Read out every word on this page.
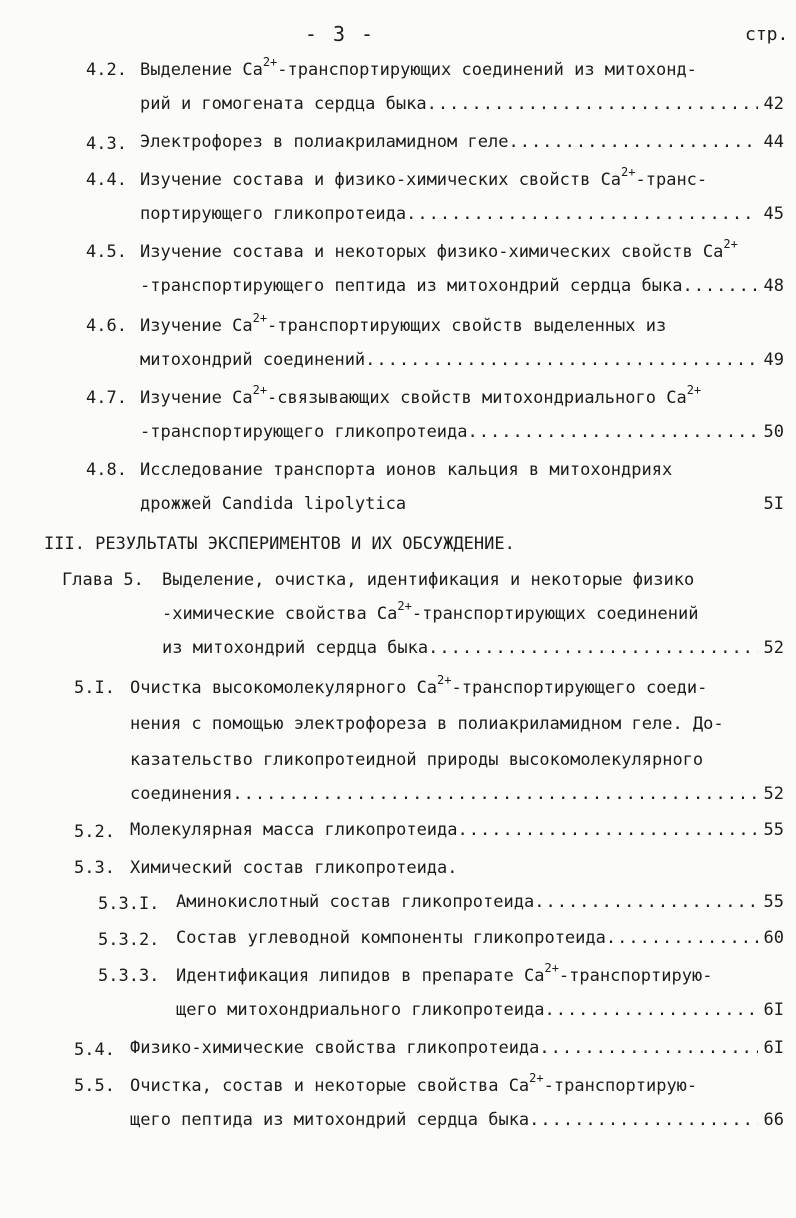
- 3 -	стр.
4.2. Выделение $Ca^{2+}$-транспортирующих соединений из митохонд-
рий и гомогената сердца быка .....	42
4.3. Электрофорез в полиакриламидном геле .....	44
4.4. Изучение состава и физико-химических свойств $Ca^{2+}-транс-$
портирующего гликопротеида .....	45
4.5. Изучение состава и некоторых физико-химических свойств $Ca^{2+}$
-транспортирующего пептида из митохондрий сердца быка .....	48
4.6. Изучение $Ca^{2+}$-транспортирующих свойств выделенных из
митохондрий соединений .....	49
4.7. Изучение $Ca^{2+}$-связывающих свойств митохондриального $Ca^{2+}$
-транспортирующего гликопротеида .....	50
4.8. Исследование транспорта ионов кальция в митохондриях
дрожжей Candida lipolytica	5I
III. РЕЗУЛЬТАТЫ ЭКСПЕРИМЕНТОВ И ИХ ОБСУЖДЕНИЕ.
Глава 5. Выделение, очистка, идентификация и некоторые физико
-химические свойства $Ca^{2+}$-транспортирующих соединений
из митохондрий сердца быка .....	52
5.I. Очистка высокомолекулярного $Ca^{2+}$-транспортирующего соеди-
нения с помощью электрофореза в полиакриламидном геле. До-
казательство гликопротеидной природы высокомолекулярного
соединения .....	52
5.2. Молекулярная масса гликопротеида .....	55
5.3. Химический состав гликопротеида.
5.3.I. Аминокислотный состав гликопротеида .....	55
5.3.2. Состав углеводной компоненты гликопротеида .....	60
5.3.3. Идентификация липидов в препарате $Ca^{2+}-транспортирую-$
щего митохондриального гликопротеида .....	6I
5.4. Физико-химические свойства гликопротеида .....	6I
5.5. Очистка, состав и некоторые свойства $Ca^{2+}-транспортирую-$
щего пептида из митохондрий сердца быка .....	66
